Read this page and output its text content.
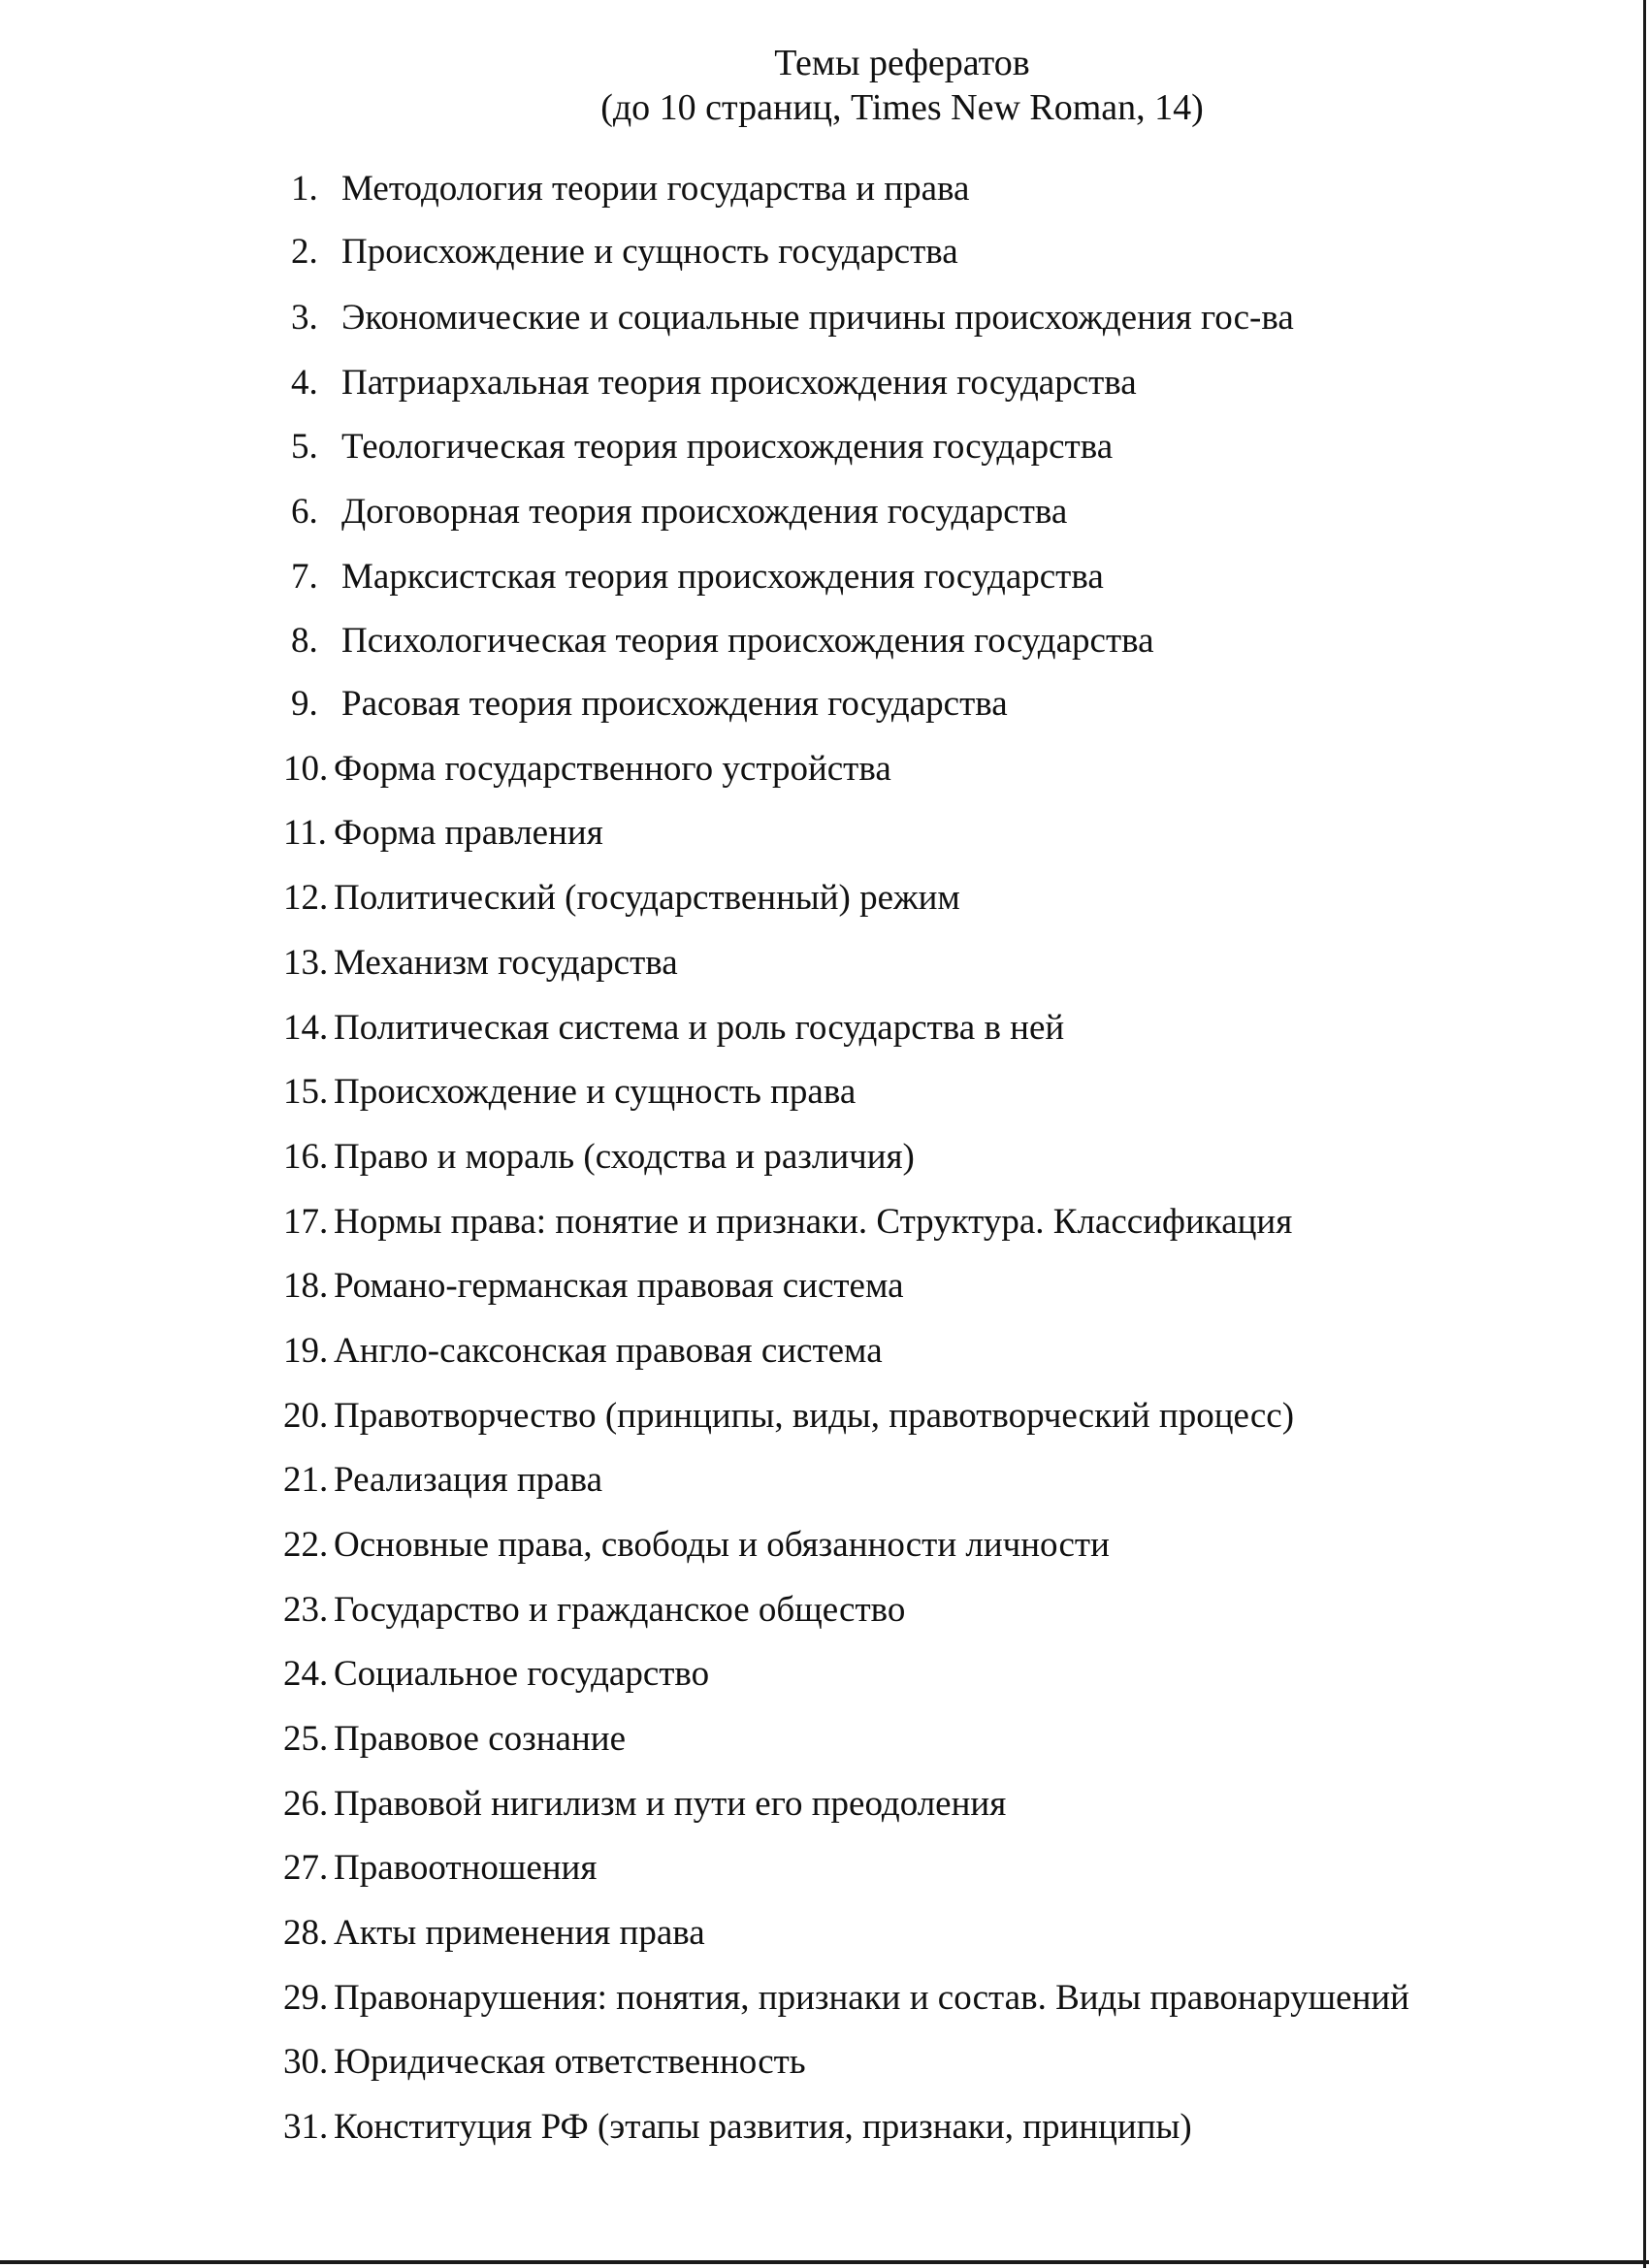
Темы рефератов
(до 10 страниц, Times New Roman, 14)
1. Методология теории государства и права
2. Происхождение и сущность государства
3. Экономические и социальные причины происхождения гос-ва
4. Патриархальная теория происхождения государства
5. Теологическая теория происхождения государства
6. Договорная теория происхождения государства
7. Марксистская теория происхождения государства
8. Психологическая теория происхождения государства
9. Расовая теория происхождения государства
10. Форма государственного устройства
11. Форма правления
12. Политический (государственный) режим
13. Механизм государства
14. Политическая система и роль государства в ней
15. Происхождение и сущность права
16. Право и мораль (сходства и различия)
17. Нормы права: понятие и признаки. Структура. Классификация
18. Романо-германская правовая система
19. Англо-саксонская правовая система
20. Правотворчество (принципы, виды, правотворческий процесс)
21. Реализация права
22. Основные права, свободы и обязанности личности
23. Государство и гражданское общество
24. Социальное государство
25. Правовое сознание
26. Правовой нигилизм и пути его преодоления
27. Правоотношения
28. Акты применения права
29. Правонарушения: понятия, признаки и состав. Виды правонарушений
30. Юридическая ответственность
31. Конституция РФ (этапы развития, признаки, принципы)
